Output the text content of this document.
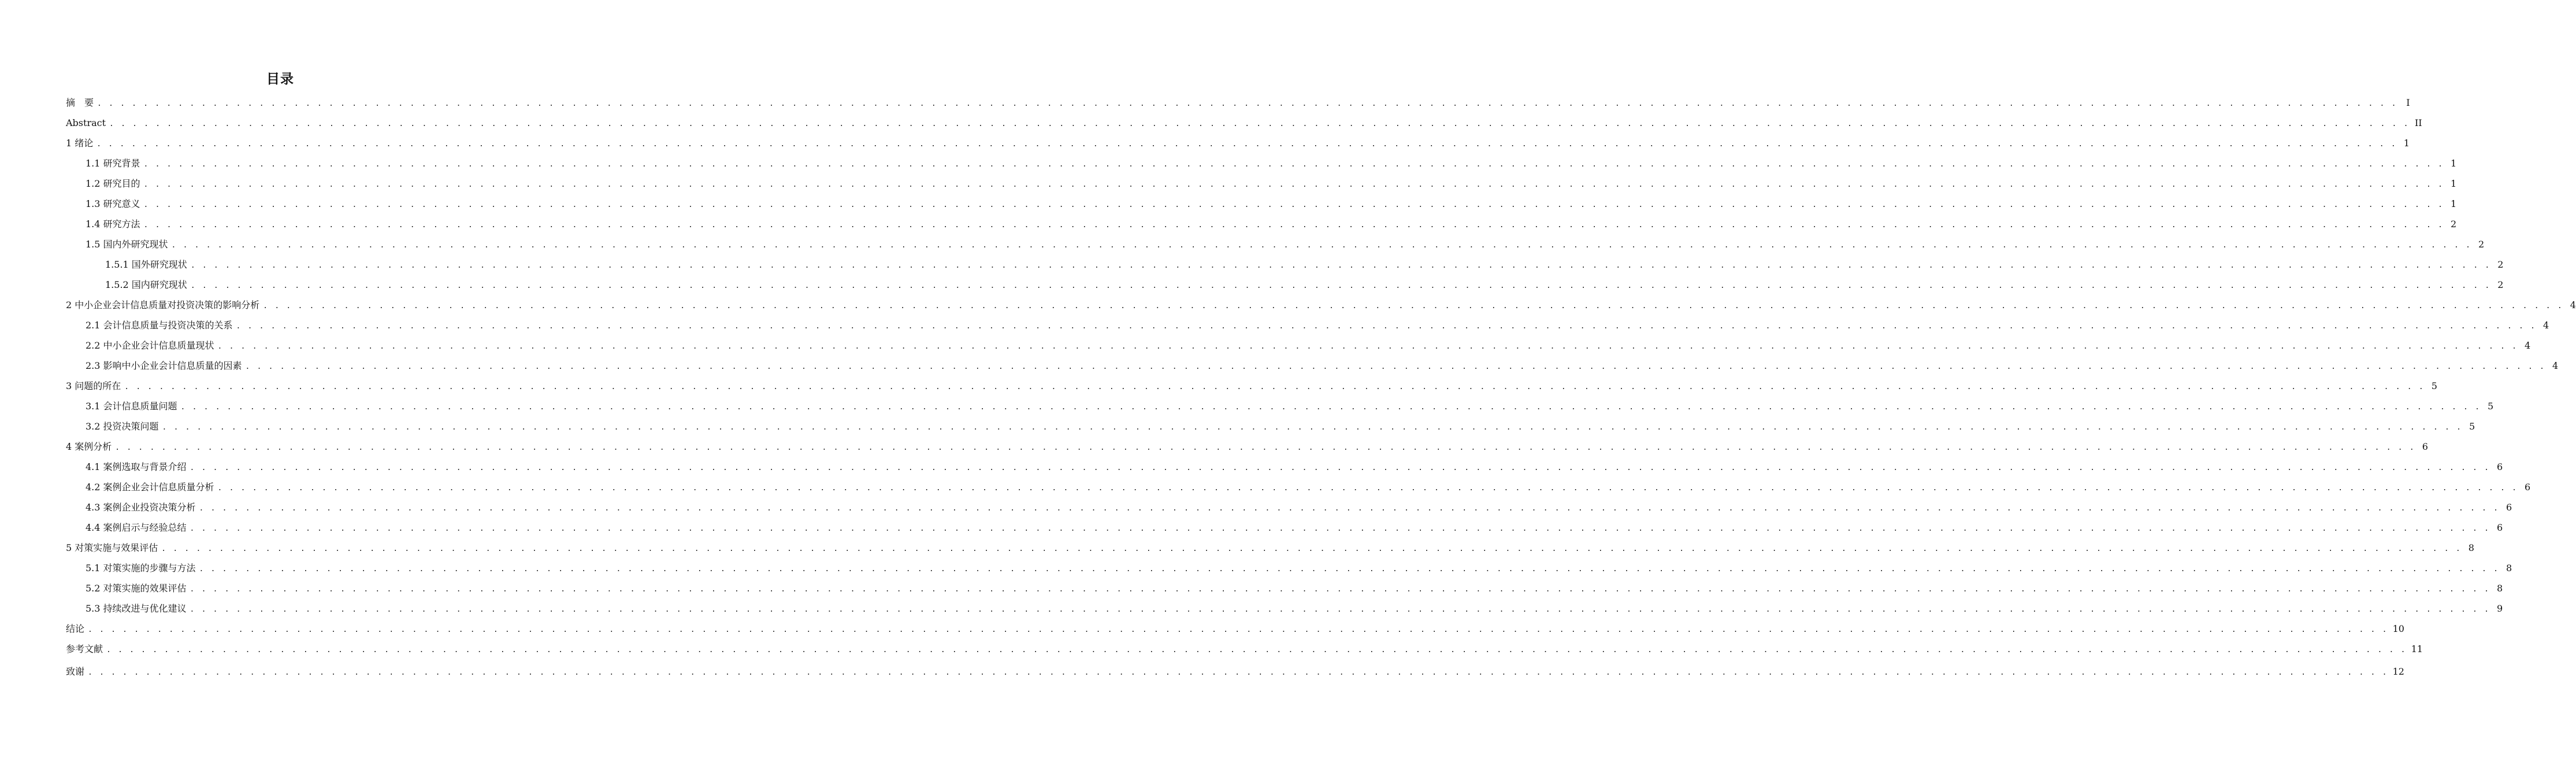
目录
摘　要 . . . . . . . . . . . . . . . . . . . . . . . . . . . . . . . . . . . . . . . . . . . . . . . . . . . . . . . . . . . . . . . . . . . . . . . . . . . . . . . . . . . . . . . . . . . . . . . . . . . . . . . . . . . . . . . . . . . . . . . . . . . . . . . . . . . . . . . . . . . . . . . . . . . . . . . . . . . . . . . . . . . . . . . . . . . . . . . . . . . . . . . . . . . . . . . . . . . . . . . I
Abstract . . . . . . . . . . . . . . . . . . . . . . . . . . . . . . . . . . . . . . . . . . . . . . . . . . . . . . . . . . . . . . . . . . . . . . . . . . . . . . . . . . . . . . . . . . . . . . . . . . . . . . . . . . . . . . . . . . . . . . . . . . . . . . . . . . . . . . . . . . . . . . . . . . . . . . . . . . . . . . . . . . . . . . . . . . . . . . . . . . . . . . . . . . . . . . . . . . . . . . . II
1 绪论 . . . . . . . . . . . . . . . . . . . . . . . . . . . . . . . . . . . . . . . . . . . . . . . . . . . . . . . . . . . . . . . . . . . . . . . . . . . . . . . . . . . . . . . . . . . . . . . . . . . . . . . . . . . . . . . . . . . . . . . . . . . . . . . . . . . . . . . . . . . . . . . . . . . . . . . . . . . . . . . . . . . . . . . . . . . . . . . . . . . . . . . . . . . . . . . . . . . . . . . 1
1.1 研究背景 . . . . . . . . . . . . . . . . . . . . . . . . . . . . . . . . . . . . . . . . . . . . . . . . . . . . . . . . . . . . . . . . . . . . . . . . . . . . . . . . . . . . . . . . . . . . . . . . . . . . . . . . . . . . . . . . . . . . . . . . . . . . . . . . . . . . . . . . . . . . . . . . . . . . . . . . . . . . . . . . . . . . . . . . . . . . . . . . . . . . . . . . . . . . . . . . . . . . . . . 1
1.2 研究目的 . . . . . . . . . . . . . . . . . . . . . . . . . . . . . . . . . . . . . . . . . . . . . . . . . . . . . . . . . . . . . . . . . . . . . . . . . . . . . . . . . . . . . . . . . . . . . . . . . . . . . . . . . . . . . . . . . . . . . . . . . . . . . . . . . . . . . . . . . . . . . . . . . . . . . . . . . . . . . . . . . . . . . . . . . . . . . . . . . . . . . . . . . . . . . . . . . . . . . . . 1
1.3 研究意义 . . . . . . . . . . . . . . . . . . . . . . . . . . . . . . . . . . . . . . . . . . . . . . . . . . . . . . . . . . . . . . . . . . . . . . . . . . . . . . . . . . . . . . . . . . . . . . . . . . . . . . . . . . . . . . . . . . . . . . . . . . . . . . . . . . . . . . . . . . . . . . . . . . . . . . . . . . . . . . . . . . . . . . . . . . . . . . . . . . . . . . . . . . . . . . . . . . . . . . . 1
1.4 研究方法 . . . . . . . . . . . . . . . . . . . . . . . . . . . . . . . . . . . . . . . . . . . . . . . . . . . . . . . . . . . . . . . . . . . . . . . . . . . . . . . . . . . . . . . . . . . . . . . . . . . . . . . . . . . . . . . . . . . . . . . . . . . . . . . . . . . . . . . . . . . . . . . . . . . . . . . . . . . . . . . . . . . . . . . . . . . . . . . . . . . . . . . . . . . . . . . . . . . . . . . 2
1.5 国内外研究现状 . . . . . . . . . . . . . . . . . . . . . . . . . . . . . . . . . . . . . . . . . . . . . . . . . . . . . . . . . . . . . . . . . . . . . . . . . . . . . . . . . . . . . . . . . . . . . . . . . . . . . . . . . . . . . . . . . . . . . . . . . . . . . . . . . . . . . . . . . . . . . . . . . . . . . . . . . . . . . . . . . . . . . . . . . . . . . . . . . . . . . . . . . . . . . . . . . . . . . . . 2
1.5.1 国外研究现状 . . . . . . . . . . . . . . . . . . . . . . . . . . . . . . . . . . . . . . . . . . . . . . . . . . . . . . . . . . . . . . . . . . . . . . . . . . . . . . . . . . . . . . . . . . . . . . . . . . . . . . . . . . . . . . . . . . . . . . . . . . . . . . . . . . . . . . . . . . . . . . . . . . . . . . . . . . . . . . . . . . . . . . . . . . . . . . . . . . . . . . . . . . . . . . . . . . . . . . . 2
1.5.2 国内研究现状 . . . . . . . . . . . . . . . . . . . . . . . . . . . . . . . . . . . . . . . . . . . . . . . . . . . . . . . . . . . . . . . . . . . . . . . . . . . . . . . . . . . . . . . . . . . . . . . . . . . . . . . . . . . . . . . . . . . . . . . . . . . . . . . . . . . . . . . . . . . . . . . . . . . . . . . . . . . . . . . . . . . . . . . . . . . . . . . . . . . . . . . . . . . . . . . . . . . . . . . 2
2 中小企业会计信息质量对投资决策的影响分析 . . . . . . . . . . . . . . . . . . . . . . . . . . . . . . . . . . . . . . . . . . . . . . . . . . . . . . . . . . . . . . . . . . . . . . . . . . . . . . . . . . . . . . . . . . . . . . . . . . . . . . . . . . . . . . . . . . . . . . . . . . . . . . . . . . . . . . . . . . . . . . . . . . . . . . . . . . . . . . . . . . . . . . . . . . . . . . . . . . . . . . . . . . . . . . . . . . . . . . . 4
2.1 会计信息质量与投资决策的关系 . . . . . . . . . . . . . . . . . . . . . . . . . . . . . . . . . . . . . . . . . . . . . . . . . . . . . . . . . . . . . . . . . . . . . . . . . . . . . . . . . . . . . . . . . . . . . . . . . . . . . . . . . . . . . . . . . . . . . . . . . . . . . . . . . . . . . . . . . . . . . . . . . . . . . . . . . . . . . . . . . . . . . . . . . . . . . . . . . . . . . . . . . . . . . . . . . . . . . . . 4
2.2 中小企业会计信息质量现状 . . . . . . . . . . . . . . . . . . . . . . . . . . . . . . . . . . . . . . . . . . . . . . . . . . . . . . . . . . . . . . . . . . . . . . . . . . . . . . . . . . . . . . . . . . . . . . . . . . . . . . . . . . . . . . . . . . . . . . . . . . . . . . . . . . . . . . . . . . . . . . . . . . . . . . . . . . . . . . . . . . . . . . . . . . . . . . . . . . . . . . . . . . . . . . . . . . . . . . . 4
2.3 影响中小企业会计信息质量的因素 . . . . . . . . . . . . . . . . . . . . . . . . . . . . . . . . . . . . . . . . . . . . . . . . . . . . . . . . . . . . . . . . . . . . . . . . . . . . . . . . . . . . . . . . . . . . . . . . . . . . . . . . . . . . . . . . . . . . . . . . . . . . . . . . . . . . . . . . . . . . . . . . . . . . . . . . . . . . . . . . . . . . . . . . . . . . . . . . . . . . . . . . . . . . . . . . . . . . . . . 4
3 问题的所在 . . . . . . . . . . . . . . . . . . . . . . . . . . . . . . . . . . . . . . . . . . . . . . . . . . . . . . . . . . . . . . . . . . . . . . . . . . . . . . . . . . . . . . . . . . . . . . . . . . . . . . . . . . . . . . . . . . . . . . . . . . . . . . . . . . . . . . . . . . . . . . . . . . . . . . . . . . . . . . . . . . . . . . . . . . . . . . . . . . . . . . . . . . . . . . . . . . . . . . . 5
3.1 会计信息质量问题 . . . . . . . . . . . . . . . . . . . . . . . . . . . . . . . . . . . . . . . . . . . . . . . . . . . . . . . . . . . . . . . . . . . . . . . . . . . . . . . . . . . . . . . . . . . . . . . . . . . . . . . . . . . . . . . . . . . . . . . . . . . . . . . . . . . . . . . . . . . . . . . . . . . . . . . . . . . . . . . . . . . . . . . . . . . . . . . . . . . . . . . . . . . . . . . . . . . . . . . 5
3.2 投资决策问题 . . . . . . . . . . . . . . . . . . . . . . . . . . . . . . . . . . . . . . . . . . . . . . . . . . . . . . . . . . . . . . . . . . . . . . . . . . . . . . . . . . . . . . . . . . . . . . . . . . . . . . . . . . . . . . . . . . . . . . . . . . . . . . . . . . . . . . . . . . . . . . . . . . . . . . . . . . . . . . . . . . . . . . . . . . . . . . . . . . . . . . . . . . . . . . . . . . . . . . . 5
4 案例分析 . . . . . . . . . . . . . . . . . . . . . . . . . . . . . . . . . . . . . . . . . . . . . . . . . . . . . . . . . . . . . . . . . . . . . . . . . . . . . . . . . . . . . . . . . . . . . . . . . . . . . . . . . . . . . . . . . . . . . . . . . . . . . . . . . . . . . . . . . . . . . . . . . . . . . . . . . . . . . . . . . . . . . . . . . . . . . . . . . . . . . . . . . . . . . . . . . . . . . . . 6
4.1 案例选取与背景介绍 . . . . . . . . . . . . . . . . . . . . . . . . . . . . . . . . . . . . . . . . . . . . . . . . . . . . . . . . . . . . . . . . . . . . . . . . . . . . . . . . . . . . . . . . . . . . . . . . . . . . . . . . . . . . . . . . . . . . . . . . . . . . . . . . . . . . . . . . . . . . . . . . . . . . . . . . . . . . . . . . . . . . . . . . . . . . . . . . . . . . . . . . . . . . . . . . . . . . . . . 6
4.2 案例企业会计信息质量分析 . . . . . . . . . . . . . . . . . . . . . . . . . . . . . . . . . . . . . . . . . . . . . . . . . . . . . . . . . . . . . . . . . . . . . . . . . . . . . . . . . . . . . . . . . . . . . . . . . . . . . . . . . . . . . . . . . . . . . . . . . . . . . . . . . . . . . . . . . . . . . . . . . . . . . . . . . . . . . . . . . . . . . . . . . . . . . . . . . . . . . . . . . . . . . . . . . . . . . . . 6
4.3 案例企业投资决策分析 . . . . . . . . . . . . . . . . . . . . . . . . . . . . . . . . . . . . . . . . . . . . . . . . . . . . . . . . . . . . . . . . . . . . . . . . . . . . . . . . . . . . . . . . . . . . . . . . . . . . . . . . . . . . . . . . . . . . . . . . . . . . . . . . . . . . . . . . . . . . . . . . . . . . . . . . . . . . . . . . . . . . . . . . . . . . . . . . . . . . . . . . . . . . . . . . . . . . . . . 6
4.4 案例启示与经验总结 . . . . . . . . . . . . . . . . . . . . . . . . . . . . . . . . . . . . . . . . . . . . . . . . . . . . . . . . . . . . . . . . . . . . . . . . . . . . . . . . . . . . . . . . . . . . . . . . . . . . . . . . . . . . . . . . . . . . . . . . . . . . . . . . . . . . . . . . . . . . . . . . . . . . . . . . . . . . . . . . . . . . . . . . . . . . . . . . . . . . . . . . . . . . . . . . . . . . . . . 6
5 对策实施与效果评估 . . . . . . . . . . . . . . . . . . . . . . . . . . . . . . . . . . . . . . . . . . . . . . . . . . . . . . . . . . . . . . . . . . . . . . . . . . . . . . . . . . . . . . . . . . . . . . . . . . . . . . . . . . . . . . . . . . . . . . . . . . . . . . . . . . . . . . . . . . . . . . . . . . . . . . . . . . . . . . . . . . . . . . . . . . . . . . . . . . . . . . . . . . . . . . . . . . . . . . . 8
5.1 对策实施的步骤与方法 . . . . . . . . . . . . . . . . . . . . . . . . . . . . . . . . . . . . . . . . . . . . . . . . . . . . . . . . . . . . . . . . . . . . . . . . . . . . . . . . . . . . . . . . . . . . . . . . . . . . . . . . . . . . . . . . . . . . . . . . . . . . . . . . . . . . . . . . . . . . . . . . . . . . . . . . . . . . . . . . . . . . . . . . . . . . . . . . . . . . . . . . . . . . . . . . . . . . . . . 8
5.2 对策实施的效果评估 . . . . . . . . . . . . . . . . . . . . . . . . . . . . . . . . . . . . . . . . . . . . . . . . . . . . . . . . . . . . . . . . . . . . . . . . . . . . . . . . . . . . . . . . . . . . . . . . . . . . . . . . . . . . . . . . . . . . . . . . . . . . . . . . . . . . . . . . . . . . . . . . . . . . . . . . . . . . . . . . . . . . . . . . . . . . . . . . . . . . . . . . . . . . . . . . . . . . . . . 8
5.3 持续改进与优化建议 . . . . . . . . . . . . . . . . . . . . . . . . . . . . . . . . . . . . . . . . . . . . . . . . . . . . . . . . . . . . . . . . . . . . . . . . . . . . . . . . . . . . . . . . . . . . . . . . . . . . . . . . . . . . . . . . . . . . . . . . . . . . . . . . . . . . . . . . . . . . . . . . . . . . . . . . . . . . . . . . . . . . . . . . . . . . . . . . . . . . . . . . . . . . . . . . . . . . . . . 9
结论 . . . . . . . . . . . . . . . . . . . . . . . . . . . . . . . . . . . . . . . . . . . . . . . . . . . . . . . . . . . . . . . . . . . . . . . . . . . . . . . . . . . . . . . . . . . . . . . . . . . . . . . . . . . . . . . . . . . . . . . . . . . . . . . . . . . . . . . . . . . . . . . . . . . . . . . . . . . . . . . . . . . . . . . . . . . . . . . . . . . . . . . . . . . . . . . . . . . . . . . 10
参考文献 . . . . . . . . . . . . . . . . . . . . . . . . . . . . . . . . . . . . . . . . . . . . . . . . . . . . . . . . . . . . . . . . . . . . . . . . . . . . . . . . . . . . . . . . . . . . . . . . . . . . . . . . . . . . . . . . . . . . . . . . . . . . . . . . . . . . . . . . . . . . . . . . . . . . . . . . . . . . . . . . . . . . . . . . . . . . . . . . . . . . . . . . . . . . . . . . . . . . . . . 11
致谢 . . . . . . . . . . . . . . . . . . . . . . . . . . . . . . . . . . . . . . . . . . . . . . . . . . . . . . . . . . . . . . . . . . . . . . . . . . . . . . . . . . . . . . . . . . . . . . . . . . . . . . . . . . . . . . . . . . . . . . . . . . . . . . . . . . . . . . . . . . . . . . . . . . . . . . . . . . . . . . . . . . . . . . . . . . . . . . . . . . . . . . . . . . . . . . . . . . . . . . . 12
